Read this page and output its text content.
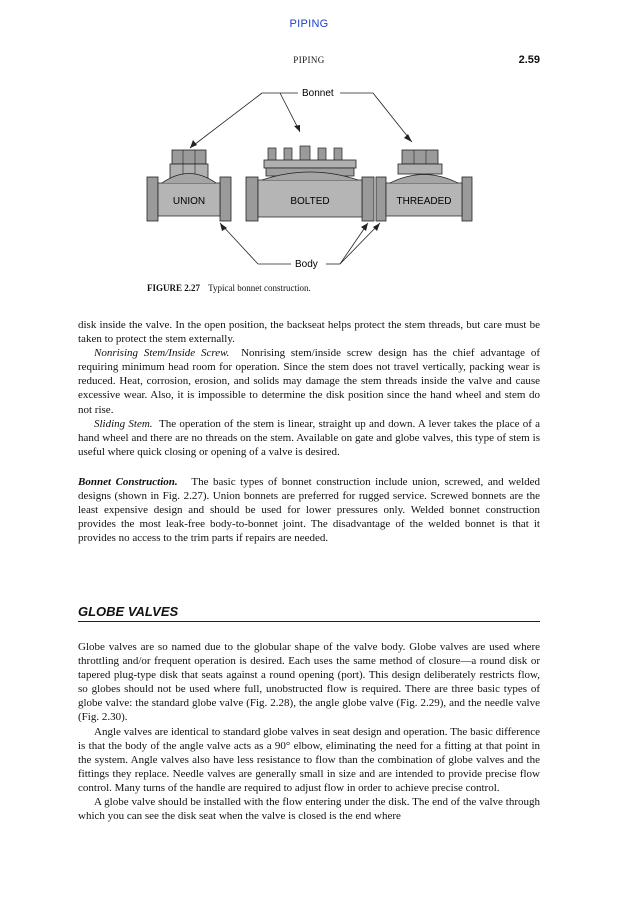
PIPING
PIPING	2.59
Bonnet
UNION	BOLTED	THREADED
Body
FIGURE 2.27 Typical bonnet construction.

disk inside the valve. In the open position, the backseat helps protect the stem threads, but care must be taken to protect the stem externally.

Nonrising Stem/Inside Screw. Nonrising stem/inside screw design has the chief advantage of requiring minimum head room for operation. Since the stem does not travel vertically, packing wear is reduced. Heat, corrosion, erosion, and solids may damage the stem threads inside the valve and cause excessive wear. Also, it is impossible to determine the disk position since the hand wheel and stem do not rise.

Sliding Stem. The operation of the stem is linear, straight up and down. A lever takes the place of a hand wheel and there are no threads on the stem. Available on gate and globe valves, this type of stem is useful where quick closing or opening of a valve is desired.

Bonnet Construction. The basic types of bonnet construction include union, screwed, and welded designs (shown in Fig. 2.27). Union bonnets are preferred for rugged service. Screwed bonnets are the least expensive design and should be used for lower pressures only. Welded bonnet construction provides the most leak-free body-to-bonnet joint. The disadvantage of the welded bonnet is that it provides no access to the trim parts if repairs are needed.

GLOBE VALVES

Globe valves are so named due to the globular shape of the valve body. Globe valves are used where throttling and/or frequent operation is desired. Each uses the same method of closure—a round disk or tapered plug-type disk that seats against a round opening (port). This design deliberately restricts flow, so globes should not be used where full, unobstructed flow is required. There are three basic types of globe valve: the standard globe valve (Fig. 2.28), the angle globe valve (Fig. 2.29), and the needle valve (Fig. 2.30).

Angle valves are identical to standard globe valves in seat design and operation. The basic difference is that the body of the angle valve acts as a 90° elbow, eliminating the need for a fitting at that point in the system. Angle valves also have less resistance to flow than the combination of globe valves and the fittings they replace. Needle valves are generally small in size and are intended to provide precise flow control. Many turns of the handle are required to adjust flow in order to achieve precise control.

A globe valve should be installed with the flow entering under the disk. The end of the valve through which you can see the disk seat when the valve is closed is the end where
